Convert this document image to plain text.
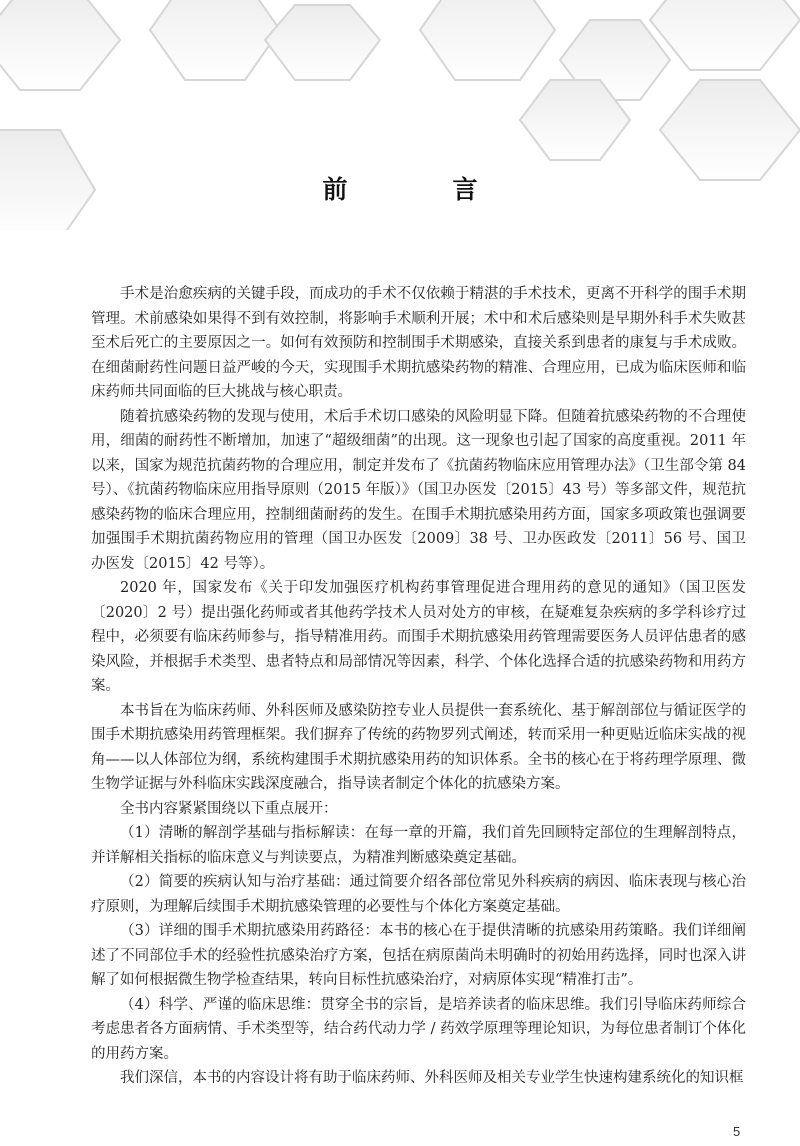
前　言

手术是治愈疾病的关键手段，而成功的手术不仅依赖于精湛的手术技术，更离不开科学的围手术期管理。术前感染如果得不到有效控制，将影响手术顺利开展；术中和术后感染则是早期外科手术失败甚至术后死亡的主要原因之一。如何有效预防和控制围手术期感染，直接关系到患者的康复与手术成败。在细菌耐药性问题日益严峻的今天，实现围手术期抗感染药物的精准、合理应用，已成为临床医师和临床药师共同面临的巨大挑战与核心职责。

随着抗感染药物的发现与使用，术后手术切口感染的风险明显下降。但随着抗感染药物的不合理使用，细菌的耐药性不断增加，加速了“超级细菌”的出现。这一现象也引起了国家的高度重视。2011 年以来，国家为规范抗菌药物的合理应用，制定并发布了《抗菌药物临床应用管理办法》（卫生部令第 84 号）、《抗菌药物临床应用指导原则（2015 年版）》（国卫办医发〔2015〕43 号）等多部文件，规范抗感染药物的临床合理应用，控制细菌耐药的发生。在围手术期抗感染用药方面，国家多项政策也强调要加强围手术期抗菌药物应用的管理（国卫办医发〔2009〕38 号、卫办医政发〔2011〕56 号、国卫办医发〔2015〕42 号等）。

2020 年，国家发布《关于印发加强医疗机构药事管理促进合理用药的意见的通知》（国卫医发〔2020〕2 号）提出强化药师或者其他药学技术人员对处方的审核，在疑难复杂疾病的多学科诊疗过程中，必须要有临床药师参与，指导精准用药。而围手术期抗感染用药管理需要医务人员评估患者的感染风险，并根据手术类型、患者特点和局部情况等因素，科学、个体化选择合适的抗感染药物和用药方案。

本书旨在为临床药师、外科医师及感染防控专业人员提供一套系统化、基于解剖部位与循证医学的围手术期抗感染用药管理框架。我们摒弃了传统的药物罗列式阐述，转而采用一种更贴近临床实战的视角——以人体部位为纲，系统构建围手术期抗感染用药的知识体系。全书的核心在于将药理学原理、微生物学证据与外科临床实践深度融合，指导读者制定个体化的抗感染方案。

全书内容紧紧围绕以下重点展开：

（1）清晰的解剖学基础与指标解读：在每一章的开篇，我们首先回顾特定部位的生理解剖特点，并详解相关指标的临床意义与判读要点，为精准判断感染奠定基础。

（2）简要的疾病认知与治疗基础：通过简要介绍各部位常见外科疾病的病因、临床表现与核心治疗原则，为理解后续围手术期抗感染管理的必要性与个体化方案奠定基础。

（3）详细的围手术期抗感染用药路径：本书的核心在于提供清晰的抗感染用药策略。我们详细阐述了不同部位手术的经验性抗感染治疗方案，包括在病原菌尚未明确时的初始用药选择，同时也深入讲解了如何根据微生物学检查结果，转向目标性抗感染治疗，对病原体实现“精准打击”。

（4）科学、严谨的临床思维：贯穿全书的宗旨，是培养读者的临床思维。我们引导临床药师综合考虑患者各方面病情、手术类型等，结合药代动力学 / 药效学原理等理论知识，为每位患者制订个体化的用药方案。

我们深信，本书的内容设计将有助于临床药师、外科医师及相关专业学生快速构建系统化的知识框

5
